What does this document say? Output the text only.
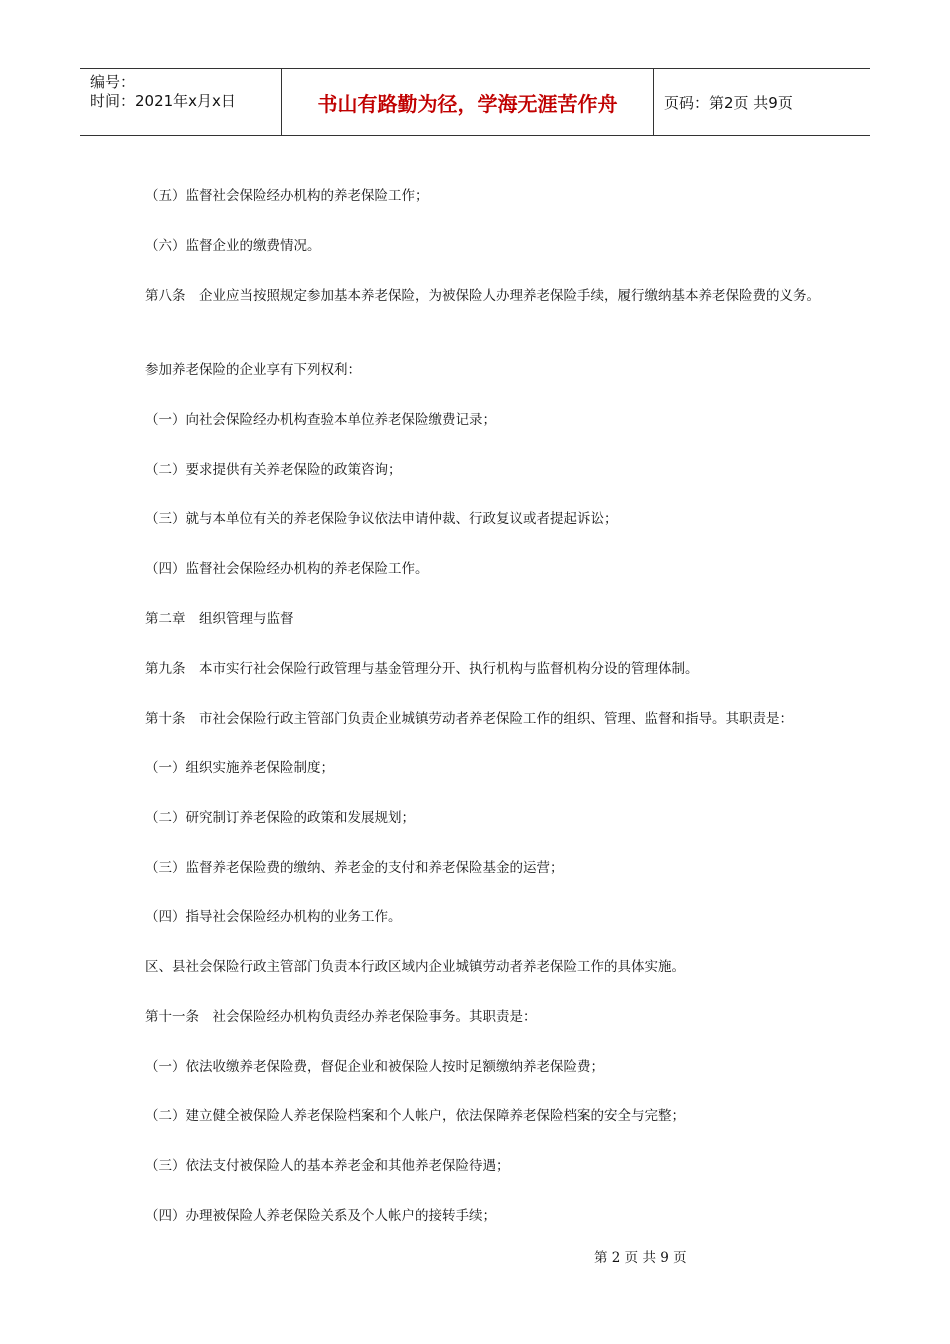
编号：
时间：2021年x月x日	书山有路勤为径，学海无涯苦作舟	页码：第2页 共9页
（五）监督社会保险经办机构的养老保险工作；
（六）监督企业的缴费情况。
第八条　企业应当按照规定参加基本养老保险，为被保险人办理养老保险手续，履行缴纳基本养老保险费的义务。
参加养老保险的企业享有下列权利：
（一）向社会保险经办机构查验本单位养老保险缴费记录；
（二）要求提供有关养老保险的政策咨询；
（三）就与本单位有关的养老保险争议依法申请仲裁、行政复议或者提起诉讼；
（四）监督社会保险经办机构的养老保险工作。
第二章　组织管理与监督
第九条　本市实行社会保险行政管理与基金管理分开、执行机构与监督机构分设的管理体制。
第十条　市社会保险行政主管部门负责企业城镇劳动者养老保险工作的组织、管理、监督和指导。其职责是：
（一）组织实施养老保险制度；
（二）研究制订养老保险的政策和发展规划；
（三）监督养老保险费的缴纳、养老金的支付和养老保险基金的运营；
（四）指导社会保险经办机构的业务工作。
区、县社会保险行政主管部门负责本行政区域内企业城镇劳动者养老保险工作的具体实施。
第十一条　社会保险经办机构负责经办养老保险事务。其职责是：
（一）依法收缴养老保险费，督促企业和被保险人按时足额缴纳养老保险费；
（二）建立健全被保险人养老保险档案和个人帐户，依法保障养老保险档案的安全与完整；
（三）依法支付被保险人的基本养老金和其他养老保险待遇；
（四）办理被保险人养老保险关系及个人帐户的接转手续；
第 2 页 共 9 页
